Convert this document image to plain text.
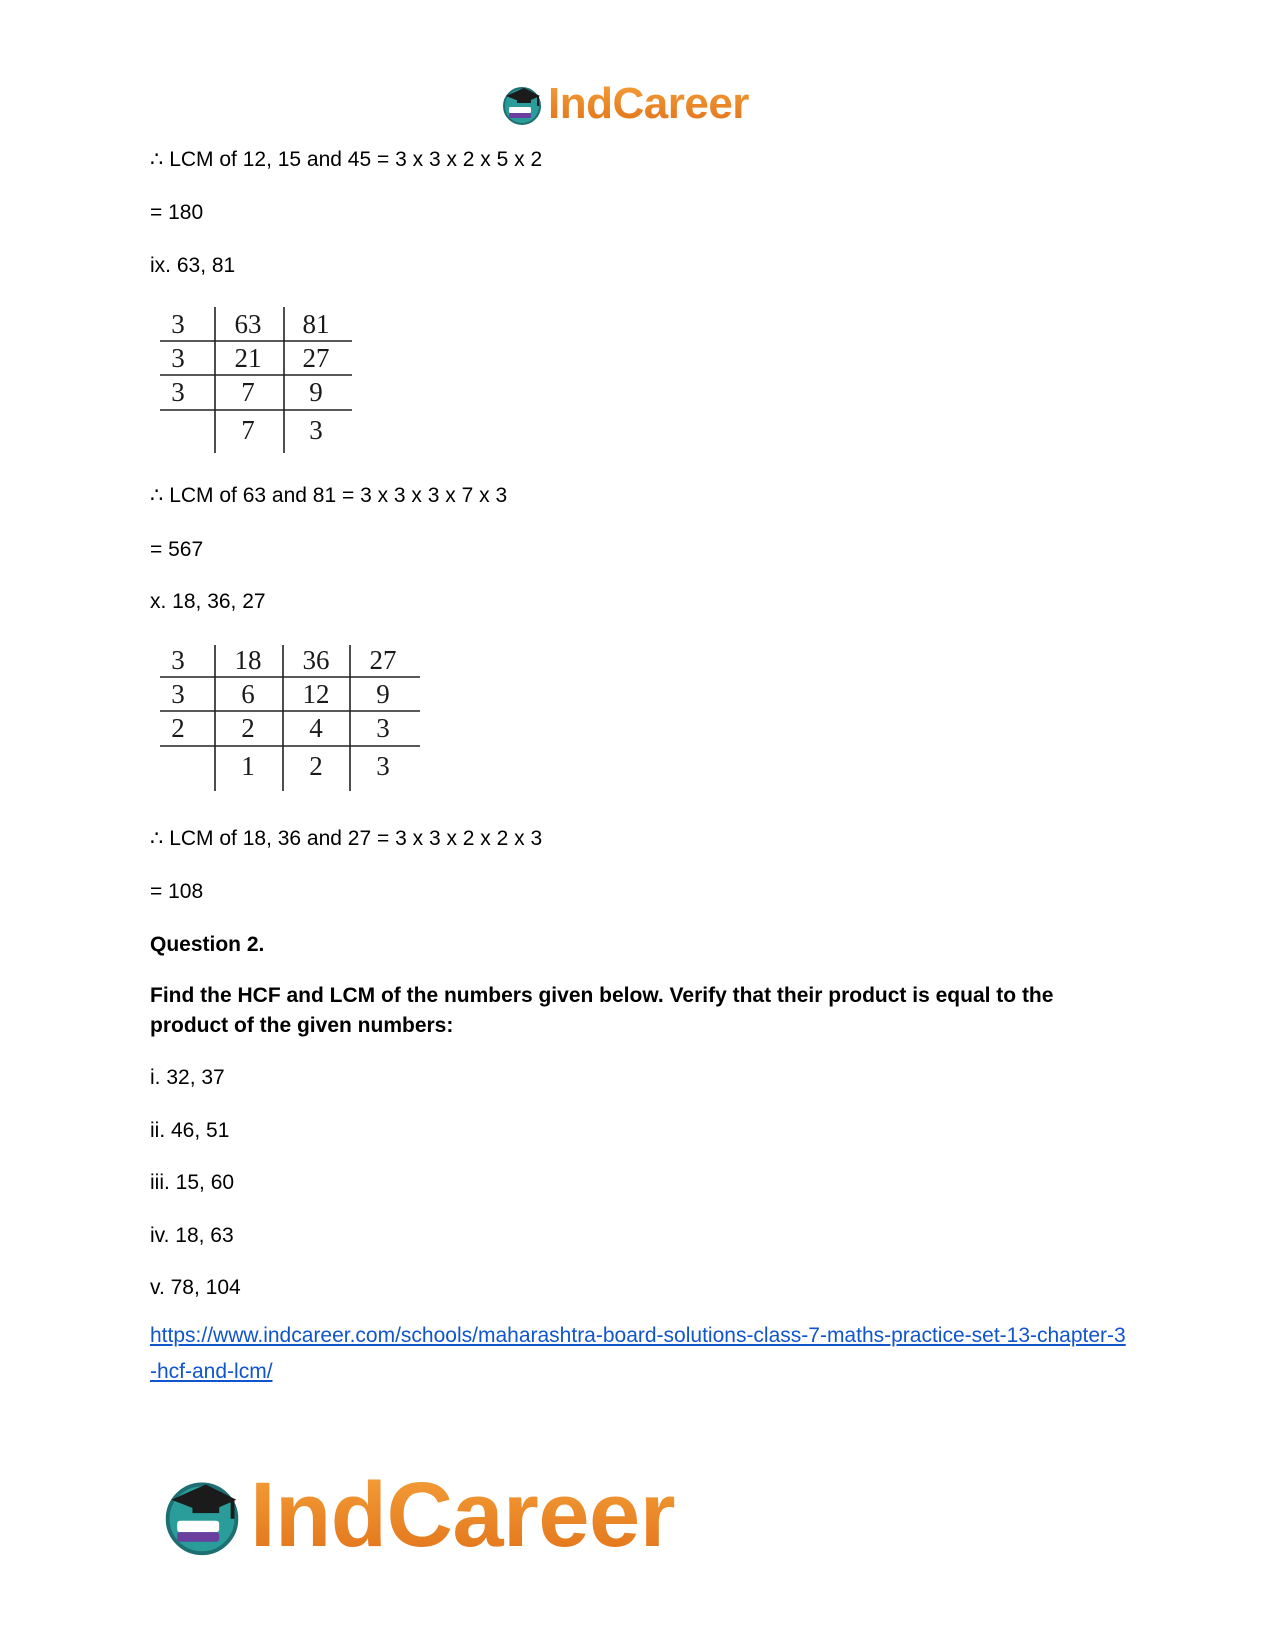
IndCareer
∴ LCM of 12, 15 and 45 = 3 x 3 x 2 x 5 x 2
= 180
ix. 63, 81
3 63 81
3 21 27
3 7 9
7 3
∴ LCM of 63 and 81 = 3 x 3 x 3 x 7 x 3
= 567
x. 18, 36, 27
3 18 36 27
3 6 12 9
2 2 4 3
1 2 3
∴ LCM of 18, 36 and 27 = 3 x 3 x 2 x 2 x 3
= 108
Question 2.
Find the HCF and LCM of the numbers given below. Verify that their product is equal to the product of the given numbers:
i. 32, 37
ii. 46, 51
iii. 15, 60
iv. 18, 63
v. 78, 104
https://www.indcareer.com/schools/maharashtra-board-solutions-class-7-maths-practice-set-13-chapter-3-hcf-and-lcm/
IndCareer
